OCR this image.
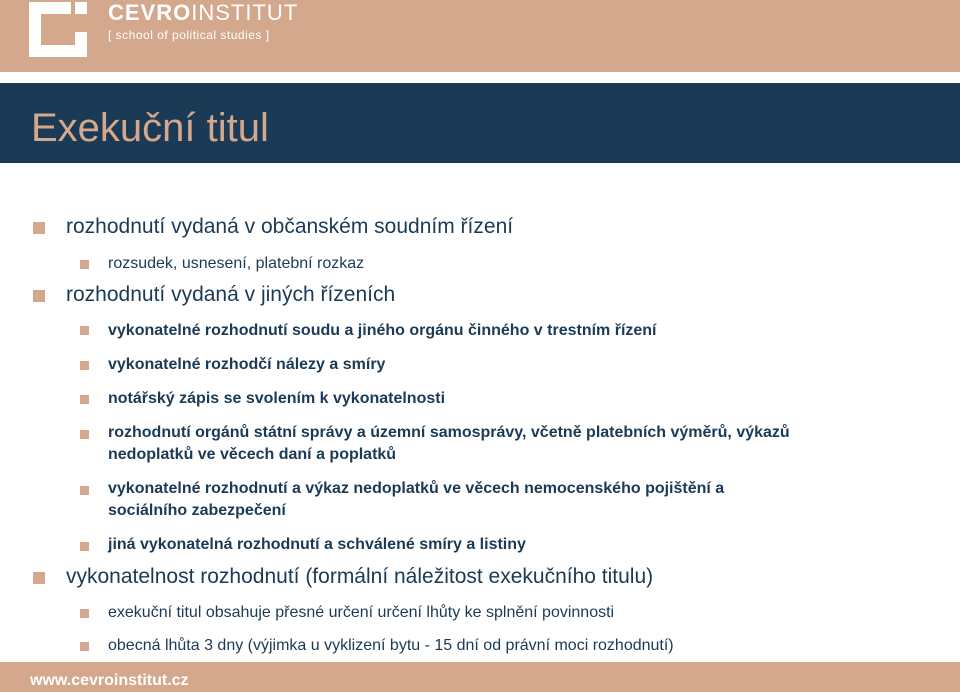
CEVROINSTITUT
[ school of political studies ]
Exekuční titul
rozhodnutí vydaná v občanském soudním řízení
rozsudek, usnesení, platební rozkaz
rozhodnutí vydaná v jiných řízeních
vykonatelné rozhodnutí soudu a jiného orgánu činného v trestním řízení
vykonatelné rozhodčí nálezy a smíry
notářský zápis se svolením k vykonatelnosti
rozhodnutí orgánů státní správy a územní samosprávy, včetně platebních výměrů, výkazů
nedoplatků ve věcech daní a poplatků
vykonatelné rozhodnutí a výkaz nedoplatků ve věcech nemocenského pojištění a
sociálního zabezpečení
jiná vykonatelná rozhodnutí a schválené smíry a listiny
vykonatelnost rozhodnutí (formální náležitost exekučního titulu)
exekuční titul obsahuje přesné určení určení lhůty ke splnění povinnosti
obecná lhůta 3 dny (výjimka u vyklizení bytu - 15 dní od právní moci rozhodnutí)
www.cevroinstitut.cz
